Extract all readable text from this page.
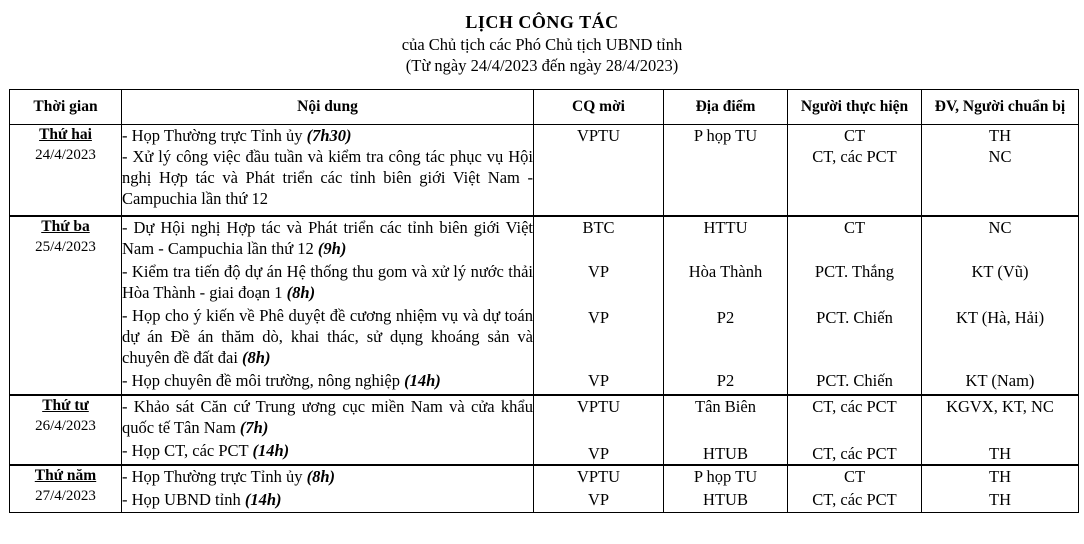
LỊCH CÔNG TÁC
của Chủ tịch các Phó Chủ tịch UBND tỉnh
(Từ ngày 24/4/2023 đến ngày 28/4/2023)
Thời gian	Nội dung	CQ mời	Địa điểm	Người thực hiện	ĐV, Người chuẩn bị

Thứ hai
24/4/2023	- Họp Thường trực Tỉnh ủy (7h30)	VPTU	P họp TU	CT	TH
	- Xử lý công việc đầu tuần và kiểm tra công tác phục vụ Hội nghị Hợp tác và Phát triển các tỉnh biên giới Việt Nam - Campuchia lần thứ 12			CT, các PCT	NC

Thứ ba
25/4/2023	- Dự Hội nghị Hợp tác và Phát triển các tỉnh biên giới Việt Nam - Campuchia lần thứ 12 (9h)	BTC	HTTU	CT	NC
	- Kiểm tra tiến độ dự án Hệ thống thu gom và xử lý nước thải Hòa Thành - giai đoạn 1 (8h)	VP	Hòa Thành	PCT. Thắng	KT (Vũ)
	- Họp cho ý kiến về Phê duyệt đề cương nhiệm vụ và dự toán dự án Đề án thăm dò, khai thác, sử dụng khoáng sản và chuyên đề đất đai (8h)	VP	P2	PCT. Chiến	KT (Hà, Hải)
	- Họp chuyên đề môi trường, nông nghiệp (14h)	VP	P2	PCT. Chiến	KT (Nam)

Thứ tư
26/4/2023	- Khảo sát Căn cứ Trung ương cục miền Nam và cửa khẩu quốc tế Tân Nam (7h)	VPTU	Tân Biên	CT, các PCT	KGVX, KT, NC
	- Họp CT, các PCT (14h)	VP	HTUB	CT, các PCT	TH

Thứ năm
27/4/2023	- Họp Thường trực Tỉnh ủy (8h)	VPTU	P họp TU	CT	TH
	- Họp UBND tỉnh (14h)	VP	HTUB	CT, các PCT	TH
